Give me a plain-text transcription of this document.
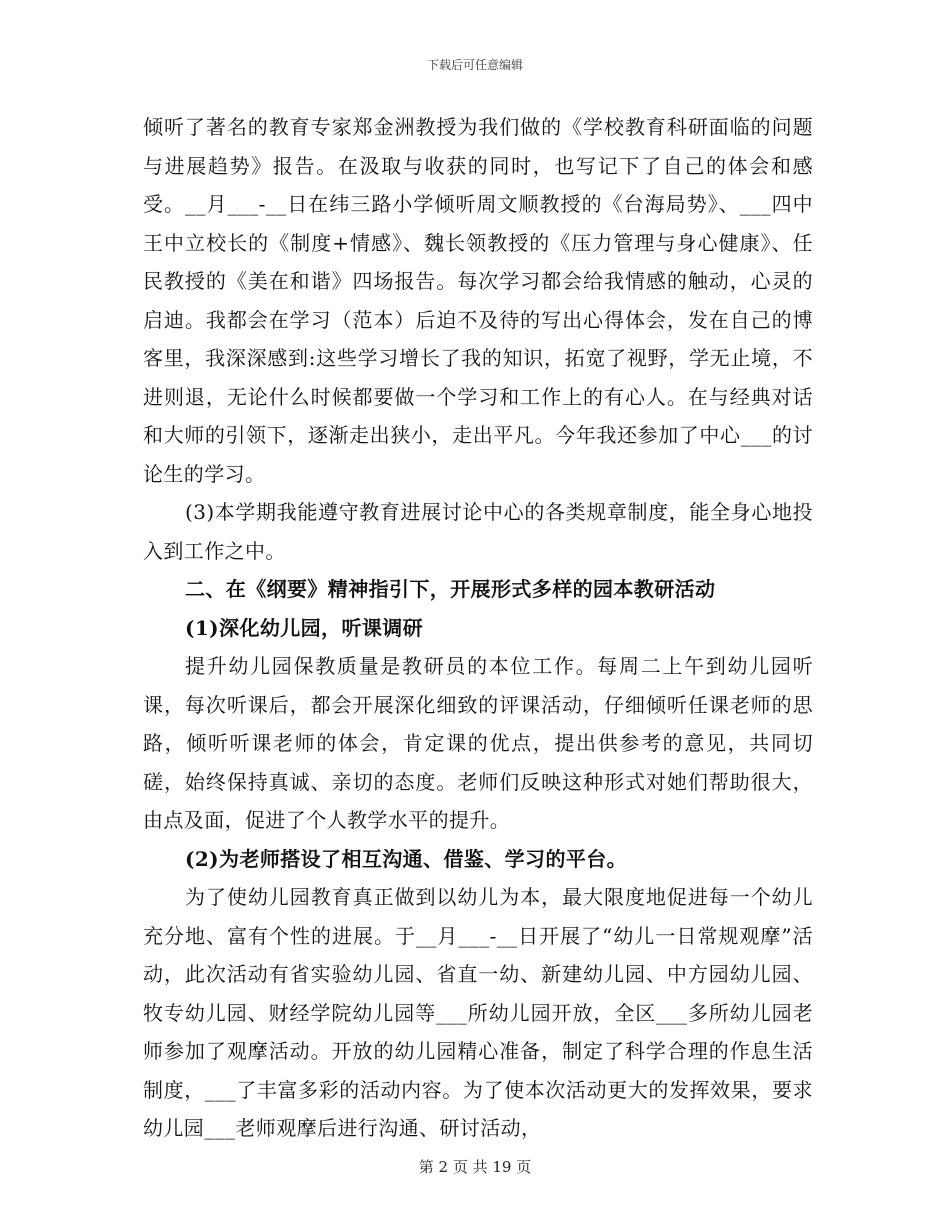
下载后可任意编辑

倾听了著名的教育专家郑金洲教授为我们做的《学校教育科研面临的问题与进展趋势》报告。在汲取与收获的同时，也写记下了自己的体会和感受。__月___-__日在纬三路小学倾听周文顺教授的《台海局势》、___四中王中立校长的《制度+情感》、魏长领教授的《压力管理与身心健康》、任民教授的《美在和谐》四场报告。每次学习都会给我情感的触动，心灵的启迪。我都会在学习（范本）后迫不及待的写出心得体会，发在自己的博客里，我深深感到:这些学习增长了我的知识，拓宽了视野，学无止境，不进则退，无论什么时候都要做一个学习和工作上的有心人。在与经典对话和大师的引领下，逐渐走出狭小，走出平凡。今年我还参加了中心___的讨论生的学习。

(3)本学期我能遵守教育进展讨论中心的各类规章制度，能全身心地投入到工作之中。

二、在《纲要》精神指引下，开展形式多样的园本教研活动

(1)深化幼儿园，听课调研

提升幼儿园保教质量是教研员的本位工作。每周二上午到幼儿园听课，每次听课后，都会开展深化细致的评课活动，仔细倾听任课老师的思路，倾听听课老师的体会，肯定课的优点，提出供参考的意见，共同切磋，始终保持真诚、亲切的态度。老师们反映这种形式对她们帮助很大，由点及面，促进了个人教学水平的提升。

(2)为老师搭设了相互沟通、借鉴、学习的平台。

为了使幼儿园教育真正做到以幼儿为本，最大限度地促进每一个幼儿充分地、富有个性的进展。于__月___-__日开展了“幼儿一日常规观摩”活动，此次活动有省实验幼儿园、省直一幼、新建幼儿园、中方园幼儿园、牧专幼儿园、财经学院幼儿园等___所幼儿园开放，全区___多所幼儿园老师参加了观摩活动。开放的幼儿园精心准备，制定了科学合理的作息生活制度，___了丰富多彩的活动内容。为了使本次活动更大的发挥效果，要求幼儿园___老师观摩后进行沟通、研讨活动，

第 2 页 共 19 页
